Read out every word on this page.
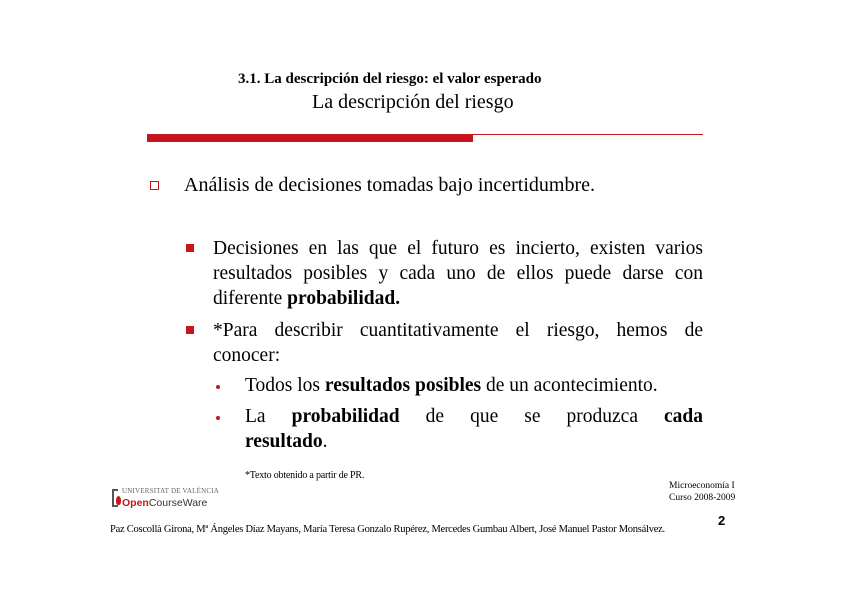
3.1. La descripción del riesgo: el valor esperado
La descripción del riesgo
Análisis de decisiones tomadas bajo incertidumbre.
Decisiones en las que el futuro es incierto, existen varios
resultados posibles y cada uno de ellos puede darse con
diferente probabilidad.
*Para describir cuantitativamente el riesgo, hemos de
conocer:
Todos los resultados posibles de un acontecimiento.
La probabilidad de que se produzca cada
resultado.
*Texto obtenido a partir de PR.
UNIVERSITAT DE VALÈNCIA
OpenCourseWare
Microeconomía I
Curso 2008-2009
2
Paz Coscollà Girona, Mª Ángeles Díaz Mayans, María Teresa Gonzalo Rupérez, Mercedes Gumbau Albert, José Manuel Pastor Monsálvez.
